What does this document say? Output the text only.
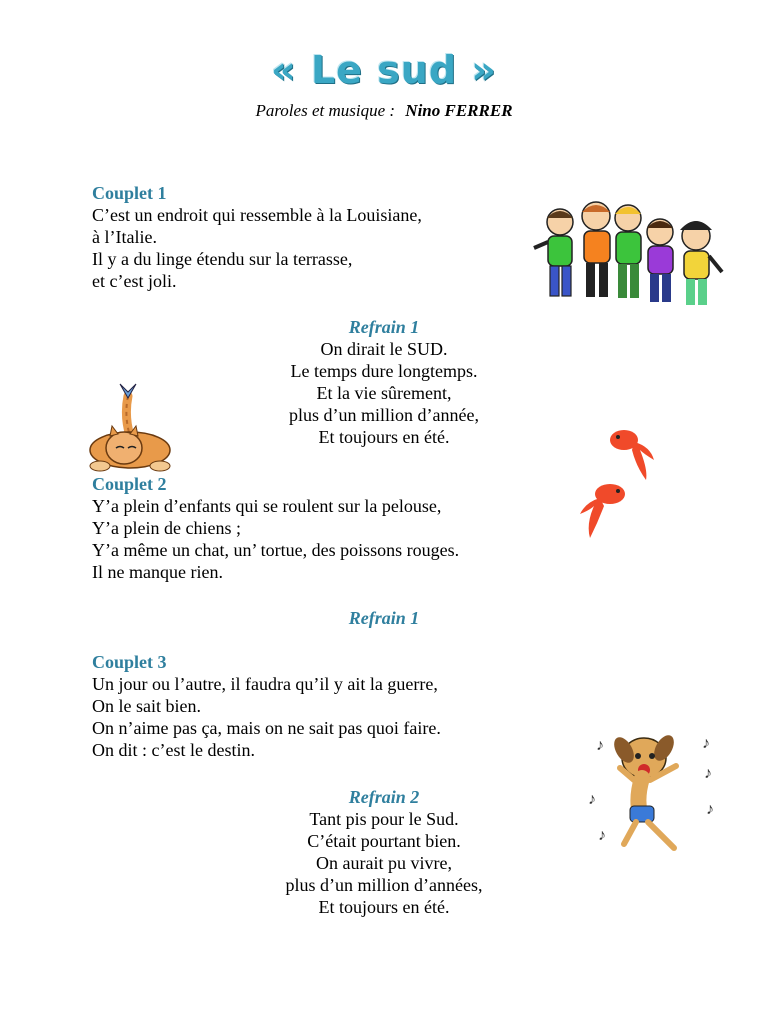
« Le sud »
Paroles et musique : Nino FERRER
Couplet 1
C’est un endroit qui ressemble à la Louisiane,
à l’Italie.
Il y a du linge étendu sur la terrasse,
et c’est joli.
Refrain 1
On dirait le SUD.
Le temps dure longtemps.
Et la vie sûrement,
plus d’un million d’année,
Et toujours en été.
Couplet 2
Y’a plein d’enfants qui se roulent sur la pelouse,
Y’a plein de chiens ;
Y’a même un chat, un’ tortue, des poissons rouges.
Il ne manque rien.
Refrain 1
Couplet 3
Un jour ou l’autre, il faudra qu’il y ait la guerre,
On le sait bien.
On n’aime pas ça, mais on ne sait pas quoi faire.
On dit : c’est le destin.
Refrain 2
Tant pis pour le Sud.
C’était pourtant bien.
On aurait pu vivre,
plus d’un million d’années,
Et toujours en été.
♪	♪
♪
♪
♪
♪
